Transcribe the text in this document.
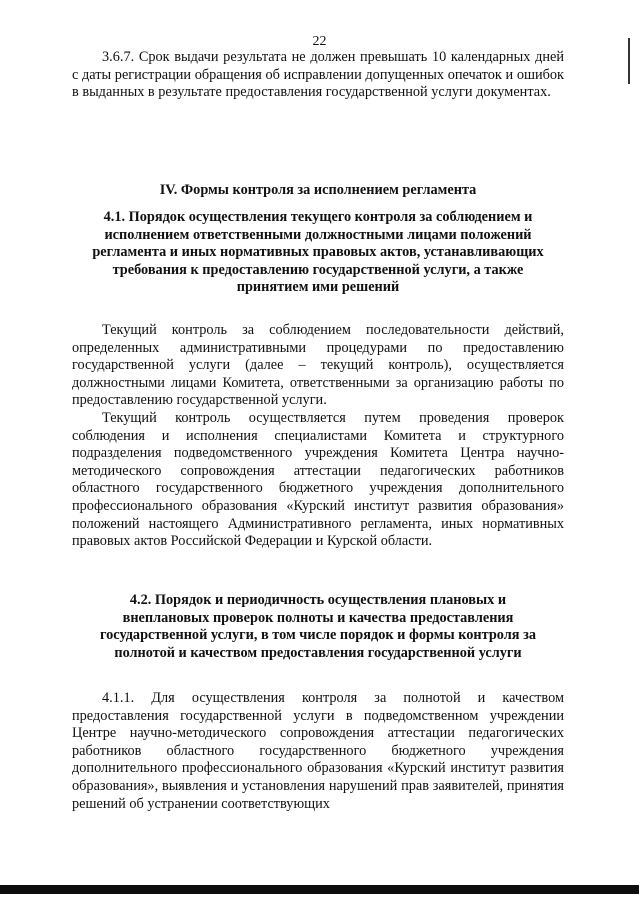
22

3.6.7. Срок выдачи результата не должен превышать 10 календарных дней с даты регистрации обращения об исправлении допущенных опечаток и ошибок в выданных в результате предоставления государственной услуги документах.

IV. Формы контроля за исполнением регламента
4.1. Порядок осуществления текущего контроля за соблюдением и
исполнением ответственными должностными лицами положений
регламента и иных нормативных правовых актов, устанавливающих
требования к предоставлению государственной услуги, а также
принятием ими решений

Текущий контроль за соблюдением последовательности действий, определенных административными процедурами по предоставлению государственной услуги (далее – текущий контроль), осуществляется должностными лицами Комитета, ответственными за организацию работы по предоставлению государственной услуги.

Текущий контроль осуществляется путем проведения проверок соблюдения и исполнения специалистами Комитета и структурного подразделения подведомственного учреждения Комитета Центра научно-методического сопровождения аттестации педагогических работников областного государственного бюджетного учреждения дополнительного профессионального образования «Курский институт развития образования» положений настоящего Административного регламента, иных нормативных правовых актов Российской Федерации и Курской области.

4.2. Порядок и периодичность осуществления плановых и
внеплановых проверок полноты и качества предоставления
государственной услуги, в том числе порядок и формы контроля за
полнотой и качеством предоставления государственной услуги

4.1.1. Для осуществления контроля за полнотой и качеством предоставления государственной услуги в подведомственном учреждении Центре научно-методического сопровождения аттестации педагогических работников областного государственного бюджетного учреждения дополнительного профессионального образования «Курский институт развития образования», выявления и установления нарушений прав заявителей, принятия решений об устранении соответствующих
